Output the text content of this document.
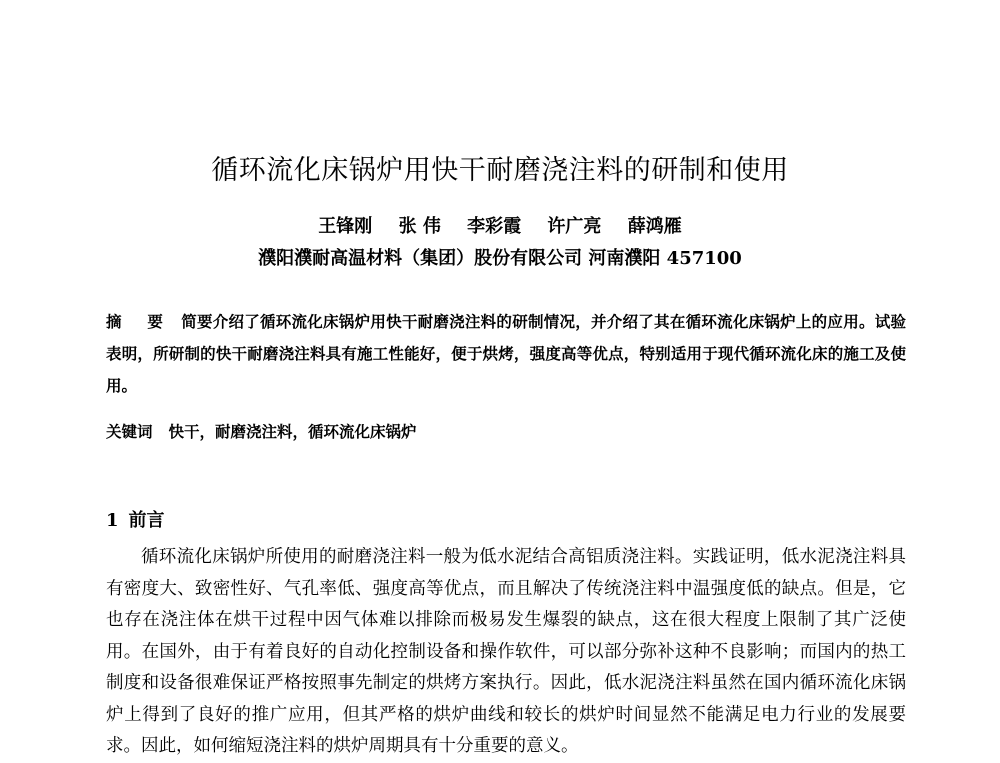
循环流化床锅炉用快干耐磨浇注料的研制和使用
王锋刚 张 伟 李彩霞 许广亮 薛鸿雁
濮阳濮耐高温材料（集团）股份有限公司 河南濮阳 457100
摘 要 简要介绍了循环流化床锅炉用快干耐磨浇注料的研制情况，并介绍了其在循环流化床锅炉上的应用。试验表明，所研制的快干耐磨浇注料具有施工性能好，便于烘烤，强度高等优点，特别适用于现代循环流化床的施工及使用。
关键词 快干，耐磨浇注料，循环流化床锅炉
1 前言
循环流化床锅炉所使用的耐磨浇注料一般为低水泥结合高铝质浇注料。实践证明，低水泥浇注料具有密度大、致密性好、气孔率低、强度高等优点，而且解决了传统浇注料中温强度低的缺点。但是，它也存在浇注体在烘干过程中因气体难以排除而极易发生爆裂的缺点，这在很大程度上限制了其广泛使用。在国外，由于有着良好的自动化控制设备和操作软件，可以部分弥补这种不良影响；而国内的热工制度和设备很难保证严格按照事先制定的烘烤方案执行。因此，低水泥浇注料虽然在国内循环流化床锅炉上得到了良好的推广应用，但其严格的烘炉曲线和较长的烘炉时间显然不能满足电力行业的发展要求。因此，如何缩短浇注料的烘炉周期具有十分重要的意义。
